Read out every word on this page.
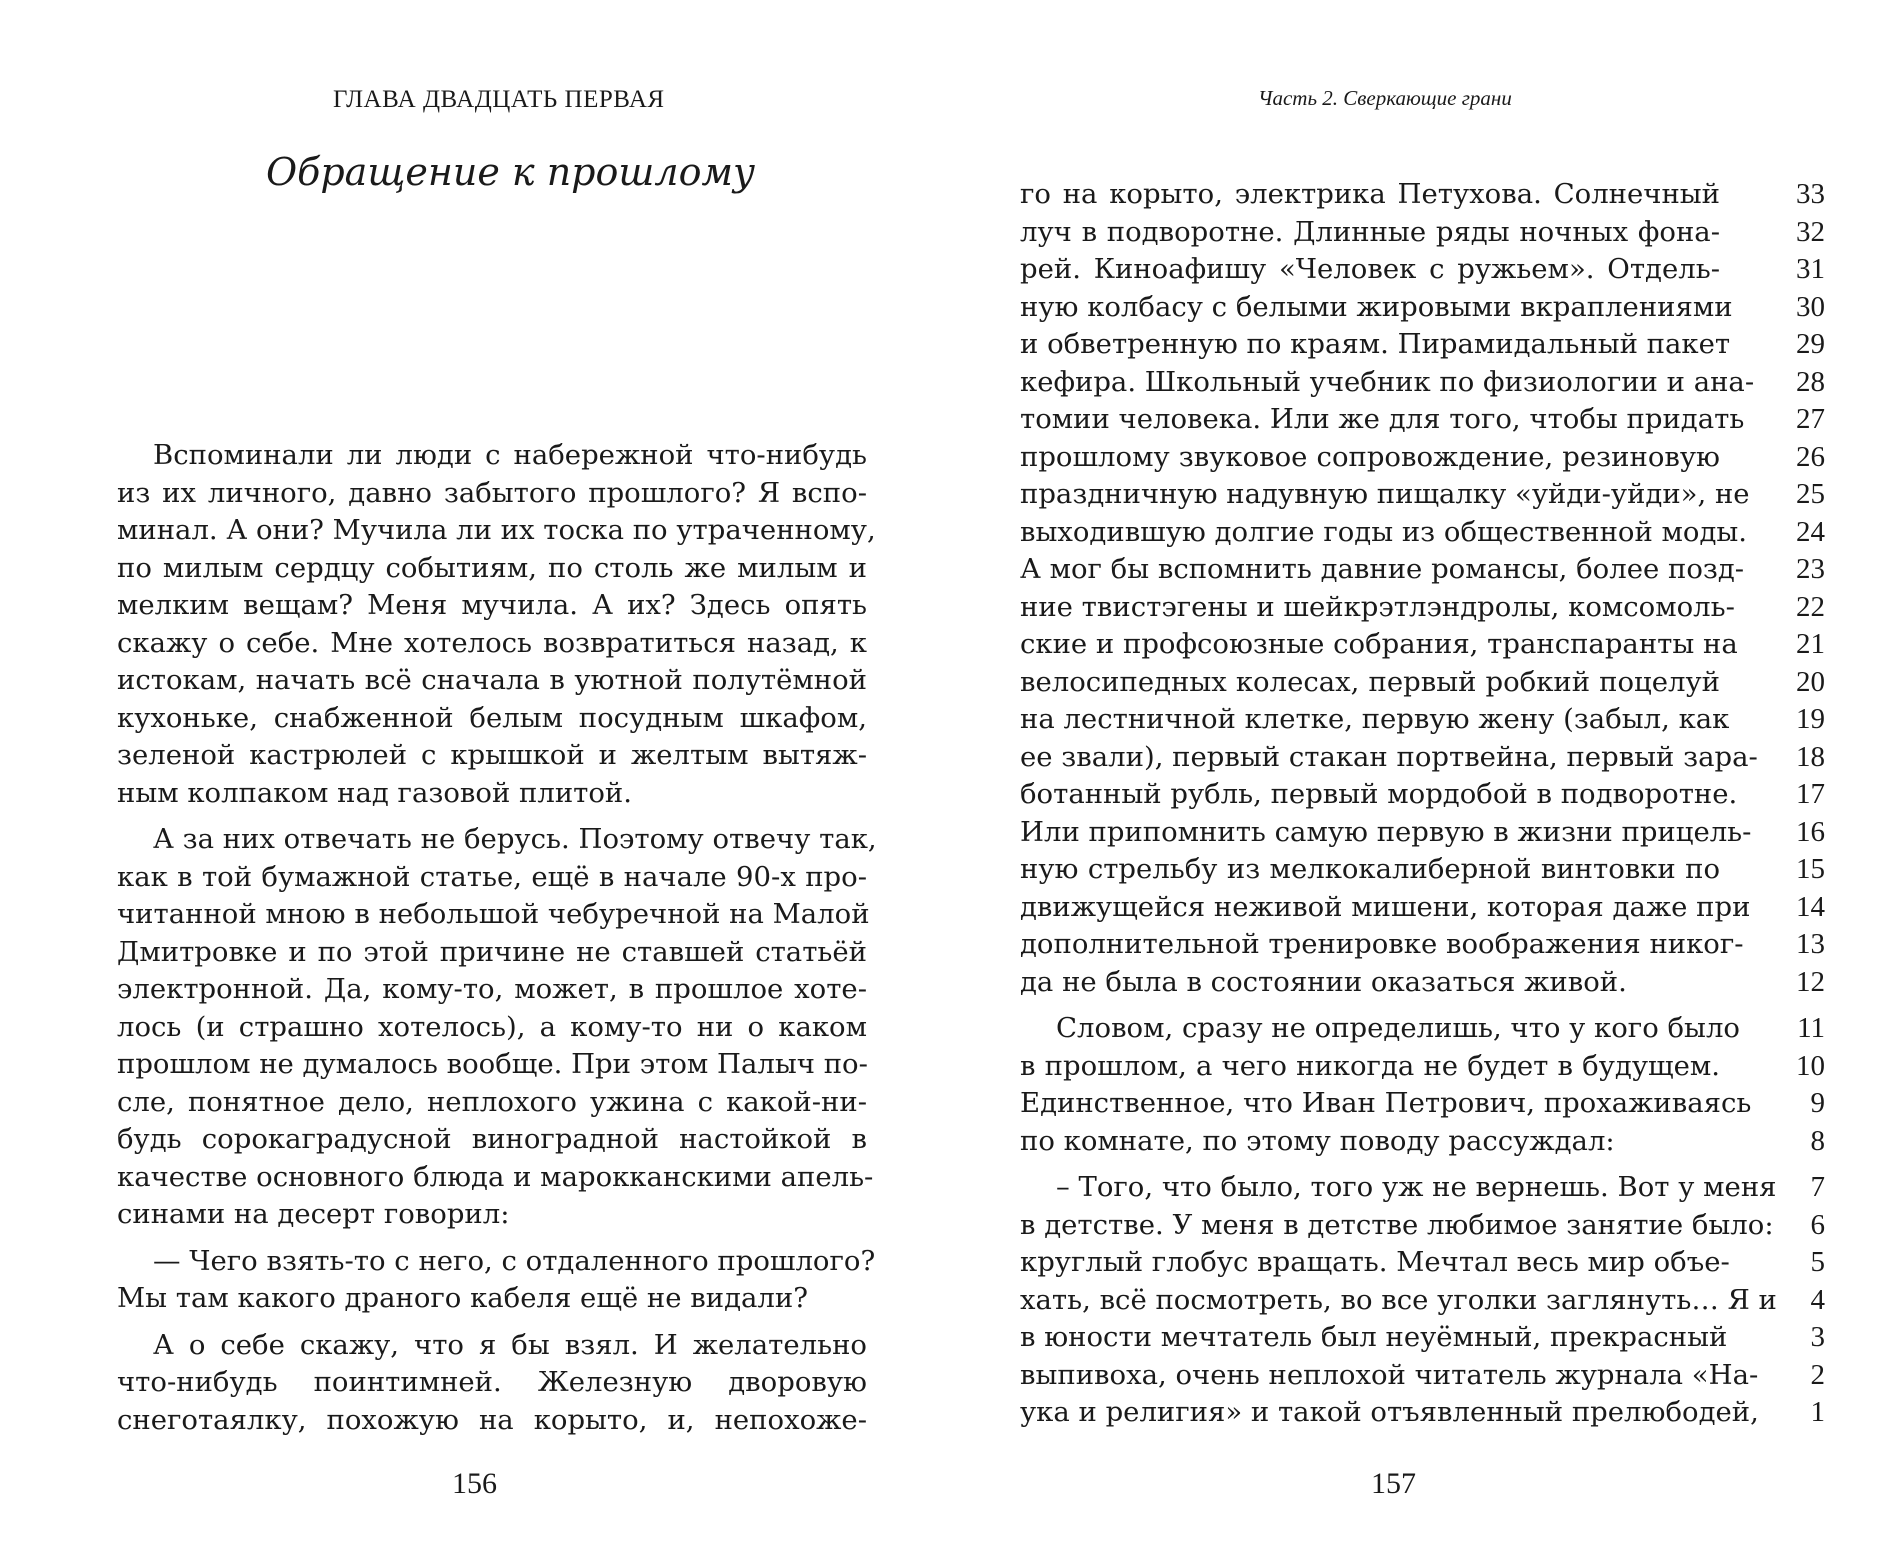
ГЛАВА ДВАДЦАТЬ ПЕРВАЯ
Обращение к прошлому
Вспоминали ли люди с набережной что-нибудь
из их личного, давно забытого прошлого? Я вспо-
минал. А они? Мучила ли их тоска по утраченному,
по милым сердцу событиям, по столь же милым и
мелким вещам? Меня мучила. А их? Здесь опять
скажу о себе. Мне хотелось возвратиться назад, к
истокам, начать всё сначала в уютной полутёмной
кухоньке, снабженной белым посудным шкафом,
зеленой кастрюлей с крышкой и желтым вытяж-
ным колпаком над газовой плитой.
А за них отвечать не берусь. Поэтому отвечу так,
как в той бумажной статье, ещё в начале 90-х про-
читанной мною в небольшой чебуречной на Малой
Дмитровке и по этой причине не ставшей статьёй
электронной. Да, кому-то, может, в прошлое хоте-
лось (и страшно хотелось), а кому-то ни о каком
прошлом не думалось вообще. При этом Палыч по-
сле, понятное дело, неплохого ужина с какой-ни-
будь сорокаградусной виноградной настойкой в
качестве основного блюда и марокканскими апель-
синами на десерт говорил:
— Чего взять-то с него, с отдаленного прошлого?
Мы там какого драного кабеля ещё не видали?
А о себе скажу, что я бы взял. И желательно
что-нибудь поинтимней. Железную дворовую
снеготаялку, похожую на корыто, и, непохоже-
156
Часть 2. Сверкающие грани
го на корыто, электрика Петухова. Солнечный
луч в подворотне. Длинные ряды ночных фона-
рей. Киноафишу «Человек с ружьем». Отдель-
ную колбасу с белыми жировыми вкраплениями
и обветренную по краям. Пирамидальный пакет
кефира. Школьный учебник по физиологии и ана-
томии человека. Или же для того, чтобы придать
прошлому звуковое сопровождение, резиновую
праздничную надувную пищалку «уйди-уйди», не
выходившую долгие годы из общественной моды.
А мог бы вспомнить давние романсы, более позд-
ние твистэгены и шейкрэтлэндролы, комсомоль-
ские и профсоюзные собрания, транспаранты на
велосипедных колесах, первый робкий поцелуй
на лестничной клетке, первую жену (забыл, как
ее звали), первый стакан портвейна, первый зара-
ботанный рубль, первый мордобой в подворотне.
Или припомнить самую первую в жизни прицель-
ную стрельбу из мелкокалиберной винтовки по
движущейся неживой мишени, которая даже при
дополнительной тренировке воображения никог-
да не была в состоянии оказаться живой.
Словом, сразу не определишь, что у кого было
в прошлом, а чего никогда не будет в будущем.
Единственное, что Иван Петрович, прохаживаясь
по комнате, по этому поводу рассуждал:
– Того, что было, того уж не вернешь. Вот у меня
в детстве. У меня в детстве любимое занятие было:
круглый глобус вращать. Мечтал весь мир объе-
хать, всё посмотреть, во все уголки заглянуть… Я и
в юности мечтатель был неуёмный, прекрасный
выпивоха, очень неплохой читатель журнала «На-
ука и религия» и такой отъявленный прелюбодей,
33
32
31
30
29
28
27
26
25
24
23
22
21
20
19
18
17
16
15
14
13
12
11
10
9
8
7
6
5
4
3
2
1
157
